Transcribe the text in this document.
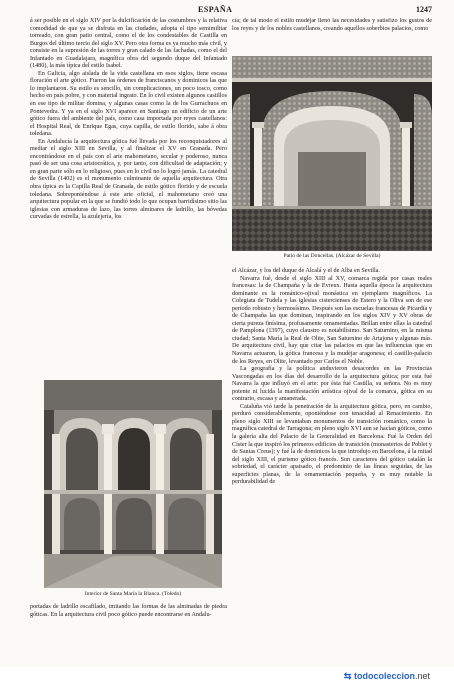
ESPAÑA	1247

á ser posible en el siglo XIV por la dulcificación de las costumbres y la relativa comodidad de que ya se disfruta en las ciudades, adopta el tipo semimilitar torreado, con gran patio central, como el de los condestables de Castilla en Burgos del último tercio del siglo XV. Pero otra forma es ya mucho más civil, y consiste en la supresión de las torres y gran calado de las fachadas, como el del Infantado en Guadalajara, magnífica obra del segundo duque del Infantado (1480), la más típica del estilo Isabel.

En Galicia, algo aislada de la vida castellana en esos siglos, tiene escasa floración el arte gótico. Fueron las órdenes de franciscanos y dominicos las que lo implantaron. Su estilo es sencillo, sin complicaciones, un poco tosco, como hecho en país pobre, y con material ingrato. En lo civil existen algunos castillos en ese tipo de militar domina, y algunas casas como la de los Gurrachuos en Pontevedra. Y ya en el siglo XVI aparece en Santiago un edificio de un arte gótico fuera del ambiente del país, como casa importada por reyes castellanos: el Hospital Real, de Enrique Egas, cuya capilla, de estilo florido, sabe á obra toledana.

En Andalucía la arquitectura gótica fué llevada por los reconquistadores al mediar el siglo XIII en Sevilla, y al finalizar el XV en Granada. Pero encontrándose en el país con el arte mahometano, secular y poderoso, nunca pasó de ser una cosa aristocrática, y, por tanto, con dificultad de adaptación; y en gran parte sólo en lo religioso, pues en lo civil no lo logró jamás. La catedral de Sevilla (1402) es el monumento culminante de aquella arquitectura. Otra obra típica es la Capilla Real de Granada, de estilo gótico florido y de escuela toledana. Sobreponiéndose á este arte oficial, el mahometano creó una arquitectura popular en la que se fundió todo lo que ocupan barridísimo sitio las iglesias con armaduras de lazo, las torres alminares de ladrillo, las bóvedas curvadas de estrella, la azulejería, los

cía; de tal modo el estilo mudéjar llenó las necesidades y satisfizo los gustos de los reyes y de los nobles castellanos, creando aquellos soberbios palacios, como

Patio de las Doncellas. (Alcázar de Sevilla)

el Alcázar, y los del duque de Alcalá y el de Alba en Sevilla.

Navarra fué, desde el siglo XIII al XV, comarca regida por casas reales francesas: la de Champaña y la de Evreux. Hasta aquella época la arquitectura dominante es la románico-ojival monástica en ejemplares magníficos. La Colegiata de Tudela y las iglesias cistercienses de Estero y la Oliva son de ese período robusto y hermosísimo. Después son las escuelas francesas de Picardía y de Champaña las que dominan, inspirando en los siglos XIV y XV obras de cierta pureza finísima, profusamente ornamentadas. Brillan entre ellas la catedral de Pamplona (1397), cuyo claustro es notabilísimo. San Saturnino, en la misma ciudad; Santa María la Real de Olite, San Saturnino de Artajona y algunas más. De arquitectura civil, hay que citar las palacios en que las influencias que en Navarra actuaron, la gótica francesa y la mudéjar aragonesa; el castillo-palacio de los Reyes, en Olite, levantado por Carlos el Noble.

La geografía y la política anduvieron desacordes en las Provincias Vascongadas en los días del desarrollo de la arquitectura gótica; por esta fué Navarra la que influyó en el arte: por ésta fué Castilla, su señora. No es muy potente ni lucida la manifestación artística ojival de la comarca, gótica en su contrario, escasa y amanerada.

Cataluña vió tarde la penetración de la arquitectura gótica, pero, en cambio, perduró considerablemente, oponiéndose con tenacidad al Renacimiento. En pleno siglo XIII se levantaban monumentos de transición románico, como la magnífica catedral de Tarragona; en pleno siglo XVI aun se hacían góticos, como la galería alta del Palacio de la Generalidad en Barcelona. Fué la Orden del Císter la que inspiró los primeros edificios de transición (monasterios de Poblet y de Santas Creus); y fué la de dominicos la que introdujo en Barcelona, á la mitad del siglo XIII, el purismo gótico francés. Son caracteres del gótico catalán la sobriedad, el carácter apaisado, el predominio de las líneas seguidas, de las superficies planas, de la ornamentación pequeña, y es muy notable la perdurabilidad de

Interior de Santa María la Blanca. (Toledo)

portadas de ladrillo escafilado, imitando las formas de las alminadas de piedra góticas. En la arquitectura civil poco gótico puede encontrarse en Andalu-

⇆ todocoleccion.net
